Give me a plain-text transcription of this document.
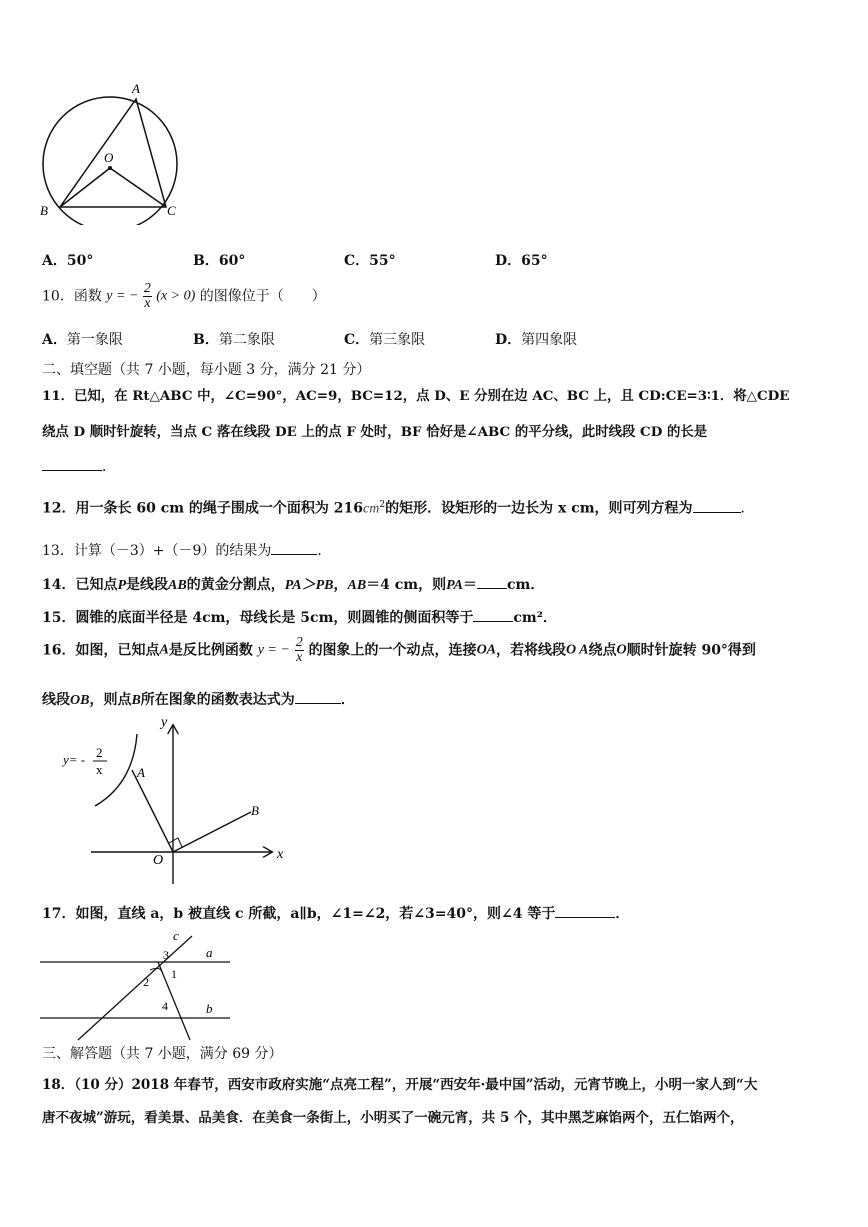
A
O
B	C
A．50°	B．60°	C．55°	D．65°
10．函数 y = − $\frac{2}{x} (x > 0)$ 的图像位于（　　）
A．第一象限	B．第二象限	C．第三象限	D．第四象限
二、填空题（共 7 小题，每小题 3 分，满分 21 分）
11．已知，在 Rt△ABC 中，∠C=90°，AC=9，BC=12，点 D、E 分别在边 AC、BC 上，且 CD:CE=3∶1．将△CDE
绕点 D 顺时针旋转，当点 C 落在线段 DE 上的点 F 处时，BF 恰好是∠ABC 的平分线，此时线段 CD 的长是
．
12．用一条长 60 cm 的绳子围成一个面积为 $216cm^2$的矩形．设矩形的一边长为 x cm，则可列方程为	．
13．计算（－3）+（－9）的结果为	．
14．已知点P是线段AB的黄金分割点，PA＞PB，AB＝4 cm，则PA＝ cm．
15．圆锥的底面半径是 4cm，母线长是 5cm，则圆锥的侧面积等于	cm²．
16．如图，已知点A是反比例函数 y = − $\frac{2}{x}$ 的图象上的一个动点，连接OA，若将线段O A绕点O顺时针旋转 90°得到
线段OB，则点B所在图象的函数表达式为	．
y
x
O
A
B
y= - 2
x
17．如图，直线 a，b 被直线 c 所截，a∥b，∠1=∠2，若∠3=40°，则∠4 等于	．
c
a
b
3
1
2
4
三、解答题（共 7 小题，满分 69 分）
18．（10 分）2018 年春节，西安市政府实施“点亮工程”，开展“西安年·最中国”活动，元宵节晚上，小明一家人到“大
唐不夜城”游玩，看美景、品美食．在美食一条街上，小明买了一碗元宵，共 5 个，其中黑芝麻馅两个，五仁馅两个，
